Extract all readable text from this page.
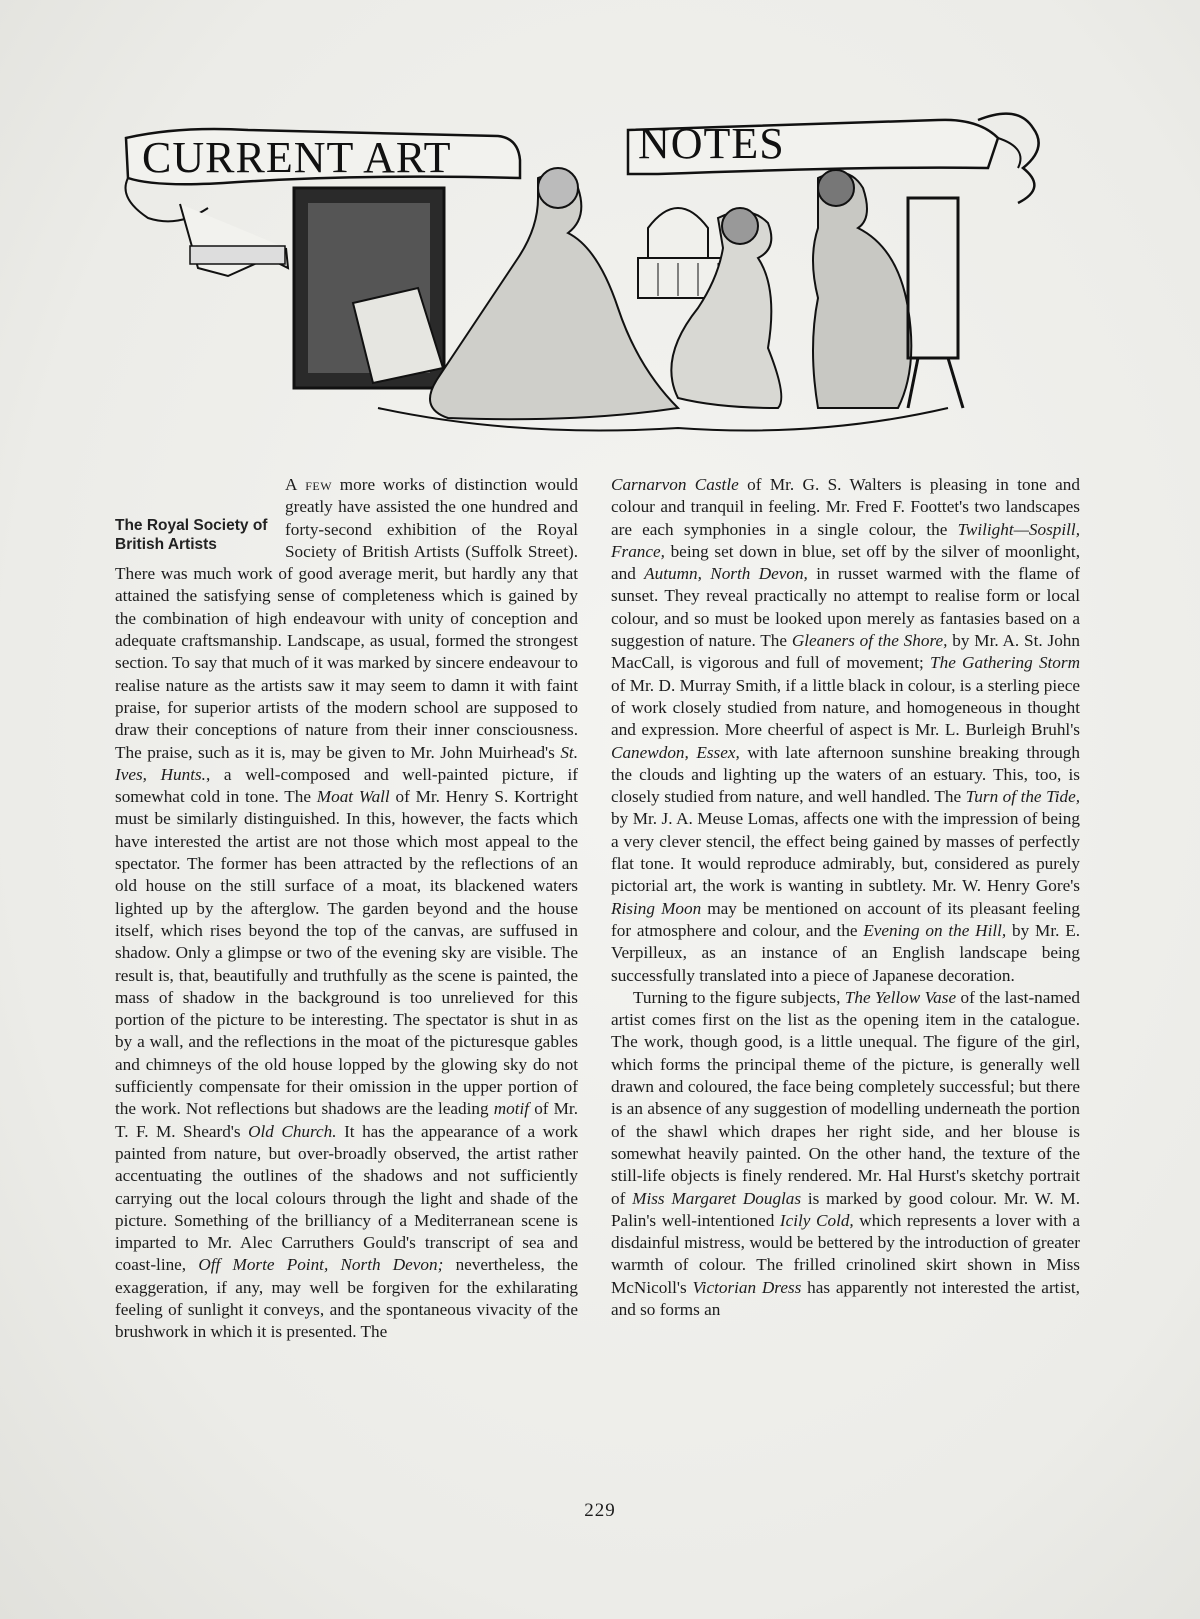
CURRENT ART	NOTES
The Royal Society of British Artists

A few more works of distinction would greatly have assisted the one hundred and forty-second exhibition of the Royal Society of British Artists (Suffolk Street). There was much work of good average merit, but hardly any that attained the satisfying sense of completeness which is gained by the combination of high endeavour with unity of conception and adequate craftsmanship. Landscape, as usual, formed the strongest section. To say that much of it was marked by sincere endeavour to realise nature as the artists saw it may seem to damn it with faint praise, for superior artists of the modern school are supposed to draw their conceptions of nature from their inner consciousness. The praise, such as it is, may be given to Mr. John Muirhead's St. Ives, Hunts., a well-composed and well-painted picture, if somewhat cold in tone. The Moat Wall of Mr. Henry S. Kortright must be similarly distinguished. In this, however, the facts which have interested the artist are not those which most appeal to the spectator. The former has been attracted by the reflections of an old house on the still surface of a moat, its blackened waters lighted up by the afterglow. The garden beyond and the house itself, which rises beyond the top of the canvas, are suffused in shadow. Only a glimpse or two of the evening sky are visible. The result is, that, beautifully and truthfully as the scene is painted, the mass of shadow in the background is too unrelieved for this portion of the picture to be interesting. The spectator is shut in as by a wall, and the reflections in the moat of the picturesque gables and chimneys of the old house lopped by the glowing sky do not sufficiently compensate for their omission in the upper portion of the work. Not reflections but shadows are the leading motif of Mr. T. F. M. Sheard's Old Church. It has the appearance of a work painted from nature, but over-broadly observed, the artist rather accentuating the outlines of the shadows and not sufficiently carrying out the local colours through the light and shade of the picture. Something of the brilliancy of a Mediterranean scene is imparted to Mr. Alec Carruthers Gould's transcript of sea and coast-line, Off Morte Point, North Devon; nevertheless, the exaggeration, if any, may well be forgiven for the exhilarating feeling of sunlight it conveys, and the spontaneous vivacity of the brushwork in which it is presented. The

Carnarvon Castle of Mr. G. S. Walters is pleasing in tone and colour and tranquil in feeling. Mr. Fred F. Foottet's two landscapes are each symphonies in a single colour, the Twilight—Sospill, France, being set down in blue, set off by the silver of moonlight, and Autumn, North Devon, in russet warmed with the flame of sunset. They reveal practically no attempt to realise form or local colour, and so must be looked upon merely as fantasies based on a suggestion of nature. The Gleaners of the Shore, by Mr. A. St. John MacCall, is vigorous and full of movement; The Gathering Storm of Mr. D. Murray Smith, if a little black in colour, is a sterling piece of work closely studied from nature, and homogeneous in thought and expression. More cheerful of aspect is Mr. L. Burleigh Bruhl's Canewdon, Essex, with late afternoon sunshine breaking through the clouds and lighting up the waters of an estuary. This, too, is closely studied from nature, and well handled. The Turn of the Tide, by Mr. J. A. Meuse Lomas, affects one with the impression of being a very clever stencil, the effect being gained by masses of perfectly flat tone. It would reproduce admirably, but, considered as purely pictorial art, the work is wanting in subtlety. Mr. W. Henry Gore's Rising Moon may be mentioned on account of its pleasant feeling for atmosphere and colour, and the Evening on the Hill, by Mr. E. Verpilleux, as an instance of an English landscape being successfully translated into a piece of Japanese decoration.

Turning to the figure subjects, The Yellow Vase of the last-named artist comes first on the list as the opening item in the catalogue. The work, though good, is a little unequal. The figure of the girl, which forms the principal theme of the picture, is generally well drawn and coloured, the face being completely successful; but there is an absence of any suggestion of modelling underneath the portion of the shawl which drapes her right side, and her blouse is somewhat heavily painted. On the other hand, the texture of the still-life objects is finely rendered. Mr. Hal Hurst's sketchy portrait of Miss Margaret Douglas is marked by good colour. Mr. W. M. Palin's well-intentioned Icily Cold, which represents a lover with a disdainful mistress, would be bettered by the introduction of greater warmth of colour. The frilled crinolined skirt shown in Miss McNicoll's Victorian Dress has apparently not interested the artist, and so forms an

229
